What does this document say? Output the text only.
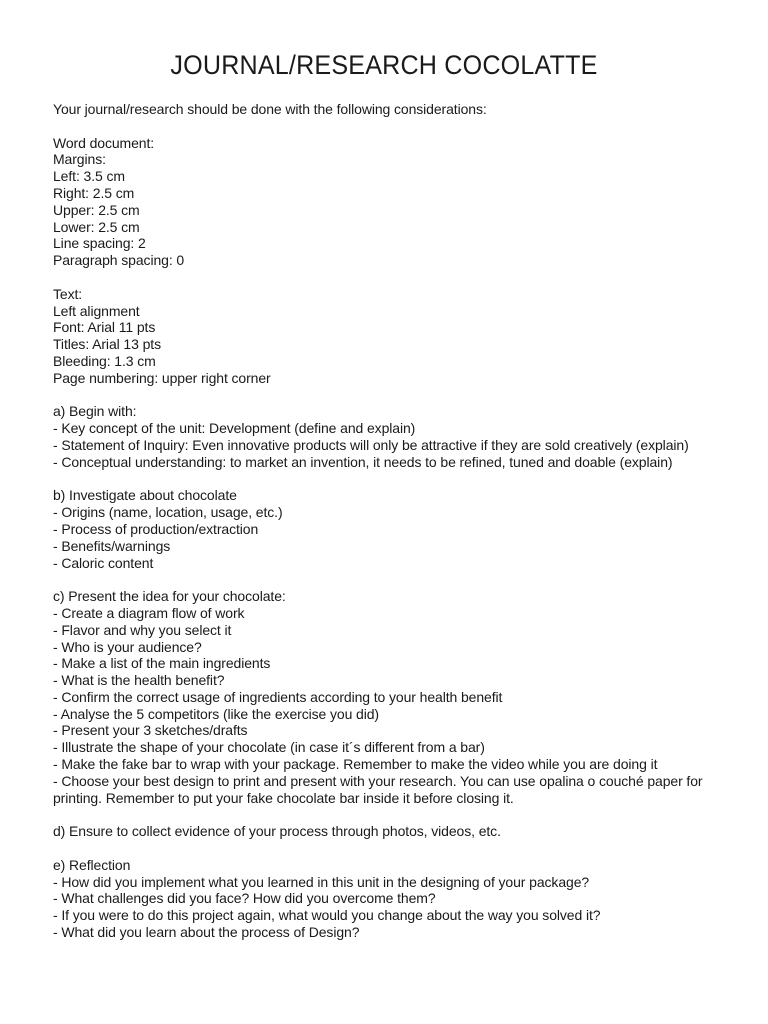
JOURNAL/RESEARCH COCOLATTE
Your journal/research should be done with the following considerations:
Word document:
Margins:
Left: 3.5 cm
Right: 2.5 cm
Upper: 2.5 cm
Lower: 2.5 cm
Line spacing: 2
Paragraph spacing: 0
Text:
Left alignment
Font: Arial 11 pts
Titles: Arial 13 pts
Bleeding: 1.3 cm
Page numbering: upper right corner
a) Begin with:
- Key concept of the unit: Development (define and explain)
- Statement of Inquiry: Even innovative products will only be attractive if they are sold creatively (explain)
- Conceptual understanding: to market an invention, it needs to be refined, tuned and doable (explain)
b) Investigate about chocolate
- Origins (name, location, usage, etc.)
- Process of production/extraction
- Benefits/warnings
- Caloric content
c) Present the idea for your chocolate:
- Create a diagram flow of work
- Flavor and why you select it
- Who is your audience?
- Make a list of the main ingredients
- What is the health benefit?
- Confirm the correct usage of ingredients according to your health benefit
- Analyse the 5 competitors (like the exercise you did)
- Present your 3 sketches/drafts
- Illustrate the shape of your chocolate (in case it´s different from a bar)
- Make the fake bar to wrap with your package. Remember to make the video while you are doing it
- Choose your best design to print and present with your research. You can use opalina o couché paper for printing. Remember to put your fake chocolate bar inside it before closing it.
d) Ensure to collect evidence of your process through photos, videos, etc.
e) Reflection
- How did you implement what you learned in this unit in the designing of your package?
- What challenges did you face? How did you overcome them?
- If you were to do this project again, what would you change about the way you solved it?
- What did you learn about the process of Design?
